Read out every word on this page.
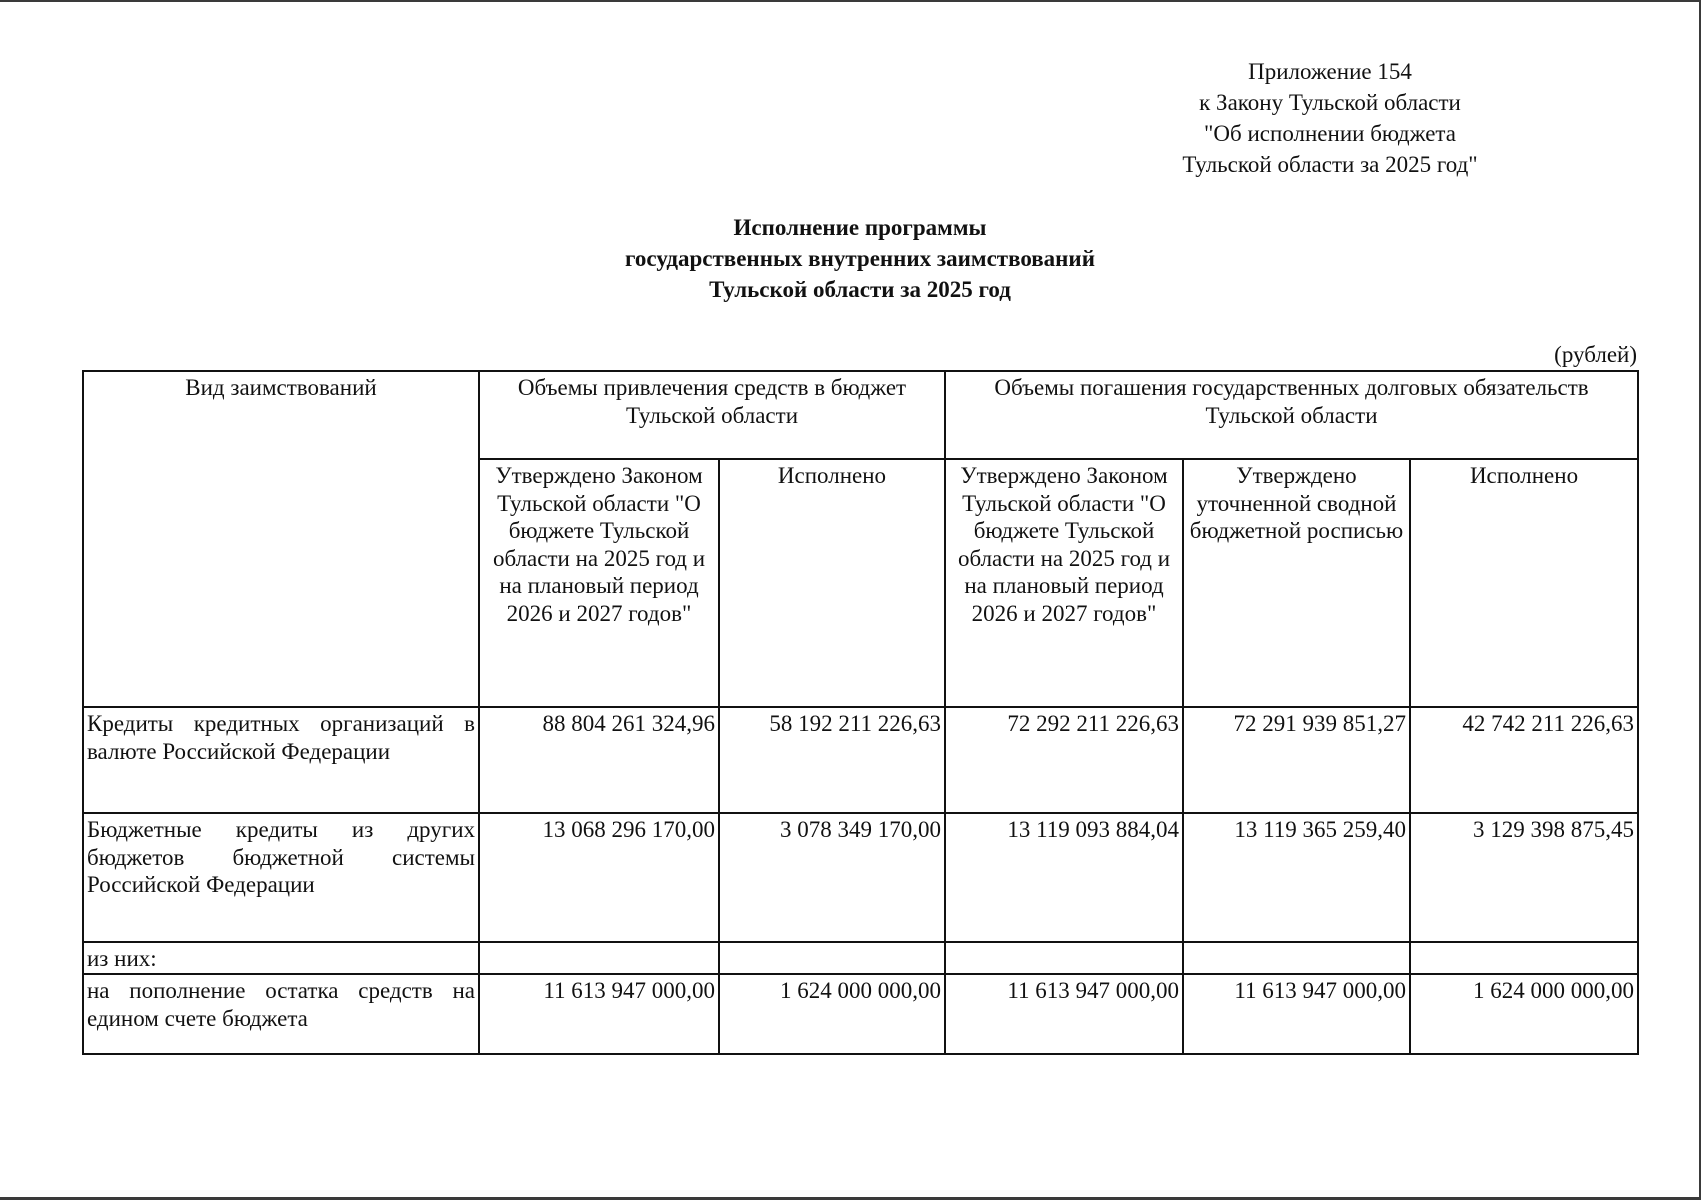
Приложение 154
к Закону Тульской области
"Об исполнении бюджета
Тульской области за 2025 год"
Исполнение программы
государственных внутренних заимствований
Тульской области за 2025 год
(рублей)
Вид заимствований	Объемы привлечения средств в бюджет Тульской области		Объемы погашения государственных долговых обязательств Тульской области		
	Утверждено Законом Тульской области "О бюджете Тульской области на 2025 год и на плановый период 2026 и 2027 годов"	Исполнено	Утверждено Законом Тульской области "О бюджете Тульской области на 2025 год и на плановый период 2026 и 2027 годов"	Утверждено уточненной сводной бюджетной росписью	Исполнено
Кредиты кредитных организаций в валюте Российской Федерации	88 804 261 324,96	58 192 211 226,63	72 292 211 226,63	72 291 939 851,27	42 742 211 226,63
Бюджетные кредиты из других бюджетов бюджетной системы Российской Федерации	13 068 296 170,00	3 078 349 170,00	13 119 093 884,04	13 119 365 259,40	3 129 398 875,45
из них:					
на пополнение остатка средств на едином счете бюджета	11 613 947 000,00	1 624 000 000,00	11 613 947 000,00	11 613 947 000,00	1 624 000 000,00
